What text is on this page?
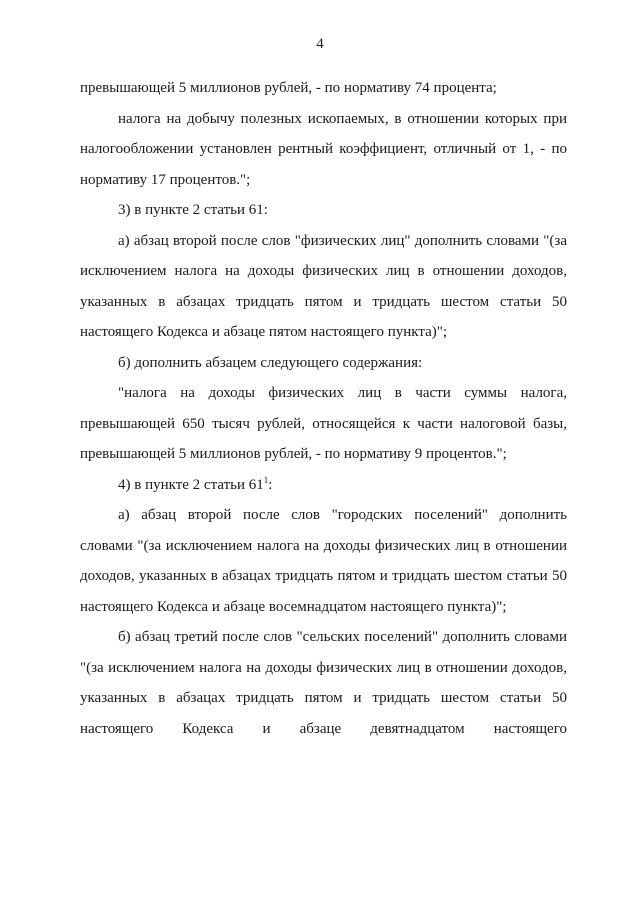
4

превышающей 5 миллионов рублей, - по нормативу 74 процента;

налога на добычу полезных ископаемых, в отношении которых при налогообложении установлен рентный коэффициент, отличный от 1, - по нормативу 17 процентов.";

3) в пункте 2 статьи 61:

а) абзац второй после слов "физических лиц" дополнить словами "(за исключением налога на доходы физических лиц в отношении доходов, указанных в абзацах тридцать пятом и тридцать шестом статьи 50 настоящего Кодекса и абзаце пятом настоящего пункта)";

б) дополнить абзацем следующего содержания:

"налога на доходы физических лиц в части суммы налога, превышающей 650 тысяч рублей, относящейся к части налоговой базы, превышающей 5 миллионов рублей, - по нормативу 9 процентов.";

4) в пункте 2 статьи $61^1$:

а) абзац второй после слов "городских поселений" дополнить словами "(за исключением налога на доходы физических лиц в отношении доходов, указанных в абзацах тридцать пятом и тридцать шестом статьи 50 настоящего Кодекса и абзаце восемнадцатом настоящего пункта)";

б) абзац третий после слов "сельских поселений" дополнить словами "(за исключением налога на доходы физических лиц в отношении доходов, указанных в абзацах тридцать пятом и тридцать шестом статьи 50 настоящего Кодекса и абзаце девятнадцатом настоящего
